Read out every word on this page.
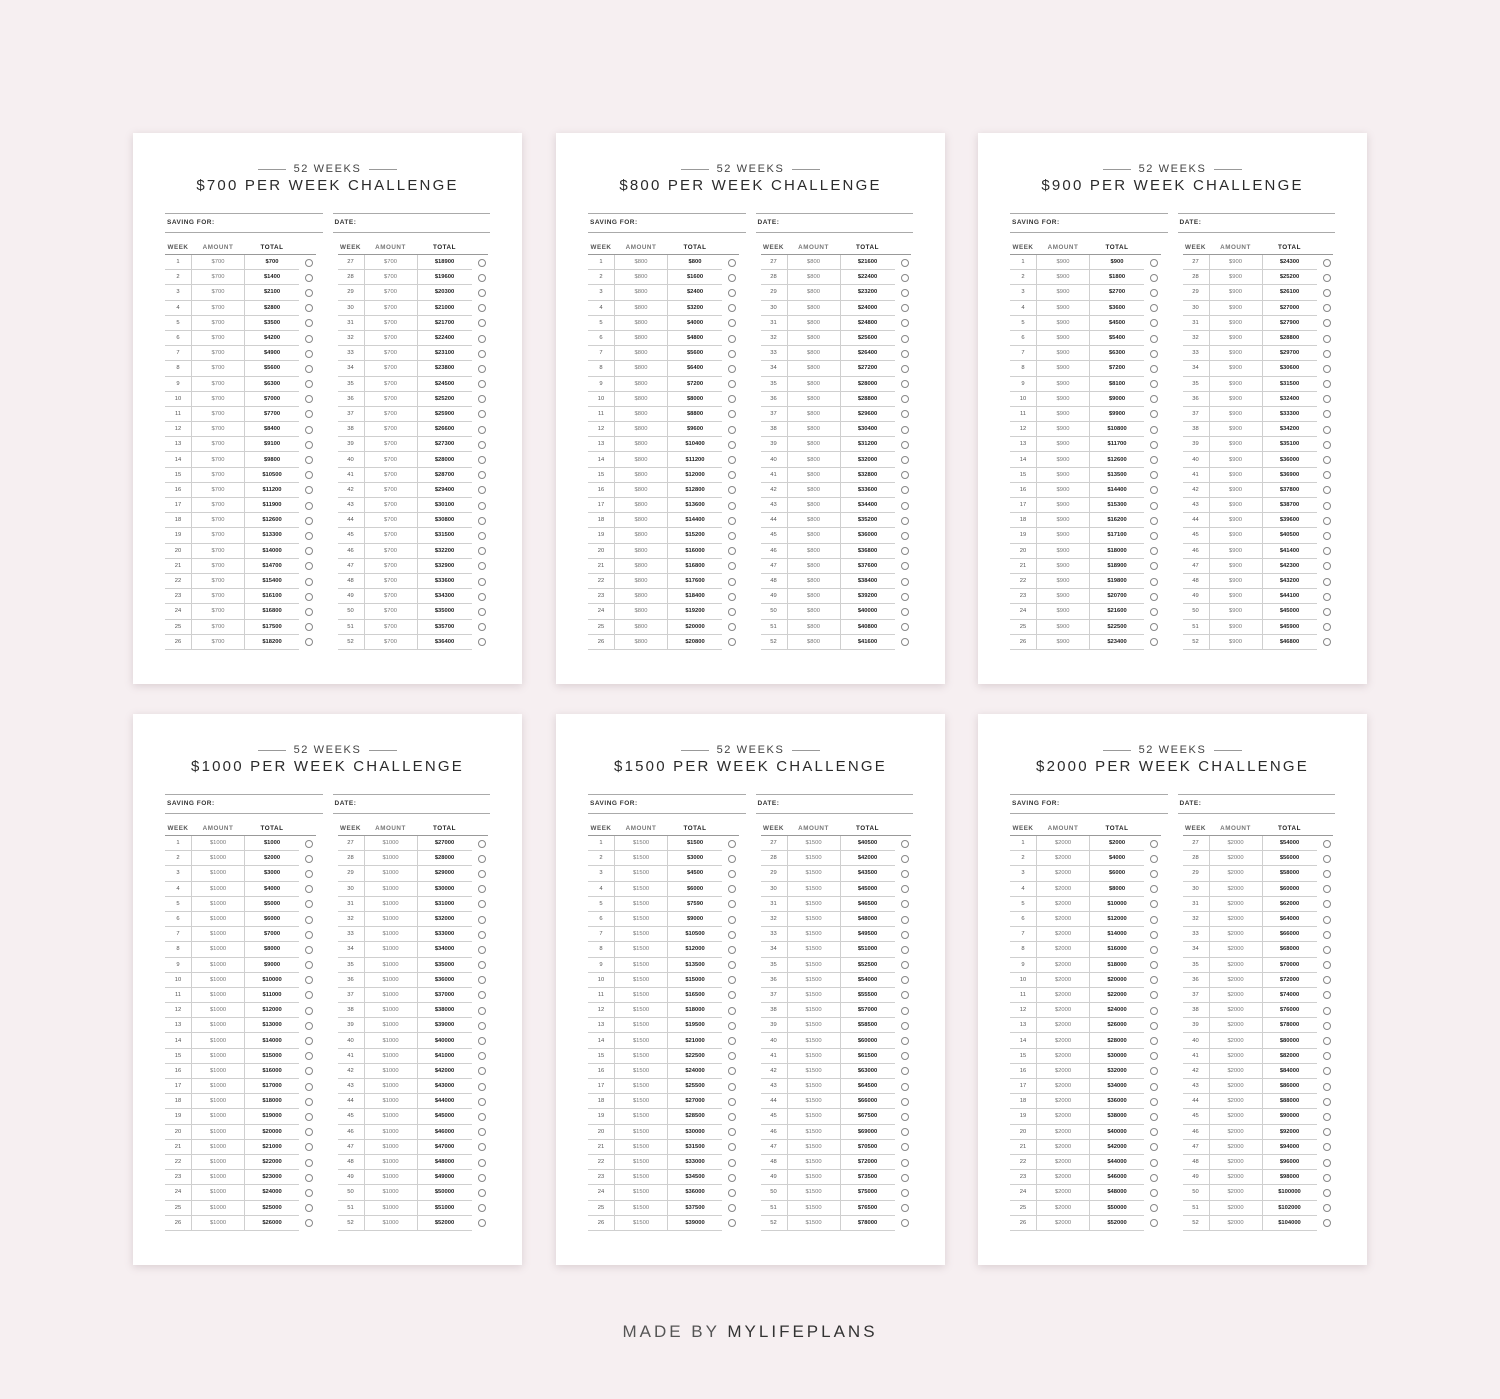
52 WEEKS
$700 PER WEEK CHALLENGE
SAVING FOR:	DATE:
WEEK	AMOUNT	TOTAL
1	$700	$700
2	$700	$1400
3	$700	$2100
4	$700	$2800
5	$700	$3500
6	$700	$4200
7	$700	$4900
8	$700	$5600
9	$700	$6300
10	$700	$7000
11	$700	$7700
12	$700	$8400
13	$700	$9100
14	$700	$9800
15	$700	$10500
16	$700	$11200
17	$700	$11900
18	$700	$12600
19	$700	$13300
20	$700	$14000
21	$700	$14700
22	$700	$15400
23	$700	$16100
24	$700	$16800
25	$700	$17500
26	$700	$18200
WEEK	AMOUNT	TOTAL
27	$700	$18900
28	$700	$19600
29	$700	$20300
30	$700	$21000
31	$700	$21700
32	$700	$22400
33	$700	$23100
34	$700	$23800
35	$700	$24500
36	$700	$25200
37	$700	$25900
38	$700	$26600
39	$700	$27300
40	$700	$28000
41	$700	$28700
42	$700	$29400
43	$700	$30100
44	$700	$30800
45	$700	$31500
46	$700	$32200
47	$700	$32900
48	$700	$33600
49	$700	$34300
50	$700	$35000
51	$700	$35700
52	$700	$36400
52 WEEKS
$800 PER WEEK CHALLENGE
SAVING FOR:	DATE:
WEEK	AMOUNT	TOTAL
1	$800	$800
2	$800	$1600
3	$800	$2400
4	$800	$3200
5	$800	$4000
6	$800	$4800
7	$800	$5600
8	$800	$6400
9	$800	$7200
10	$800	$8000
11	$800	$8800
12	$800	$9600
13	$800	$10400
14	$800	$11200
15	$800	$12000
16	$800	$12800
17	$800	$13600
18	$800	$14400
19	$800	$15200
20	$800	$16000
21	$800	$16800
22	$800	$17600
23	$800	$18400
24	$800	$19200
25	$800	$20000
26	$800	$20800
WEEK	AMOUNT	TOTAL
27	$800	$21600
28	$800	$22400
29	$800	$23200
30	$800	$24000
31	$800	$24800
32	$800	$25600
33	$800	$26400
34	$800	$27200
35	$800	$28000
36	$800	$28800
37	$800	$29600
38	$800	$30400
39	$800	$31200
40	$800	$32000
41	$800	$32800
42	$800	$33600
43	$800	$34400
44	$800	$35200
45	$800	$36000
46	$800	$36800
47	$800	$37600
48	$800	$38400
49	$800	$39200
50	$800	$40000
51	$800	$40800
52	$800	$41600
52 WEEKS
$900 PER WEEK CHALLENGE
SAVING FOR:	DATE:
WEEK	AMOUNT	TOTAL
1	$900	$900
2	$900	$1800
3	$900	$2700
4	$900	$3600
5	$900	$4500
6	$900	$5400
7	$900	$6300
8	$900	$7200
9	$900	$8100
10	$900	$9000
11	$900	$9900
12	$900	$10800
13	$900	$11700
14	$900	$12600
15	$900	$13500
16	$900	$14400
17	$900	$15300
18	$900	$16200
19	$900	$17100
20	$900	$18000
21	$900	$18900
22	$900	$19800
23	$900	$20700
24	$900	$21600
25	$900	$22500
26	$900	$23400
WEEK	AMOUNT	TOTAL
27	$900	$24300
28	$900	$25200
29	$900	$26100
30	$900	$27000
31	$900	$27900
32	$900	$28800
33	$900	$29700
34	$900	$30600
35	$900	$31500
36	$900	$32400
37	$900	$33300
38	$900	$34200
39	$900	$35100
40	$900	$36000
41	$900	$36900
42	$900	$37800
43	$900	$38700
44	$900	$39600
45	$900	$40500
46	$900	$41400
47	$900	$42300
48	$900	$43200
49	$900	$44100
50	$900	$45000
51	$900	$45900
52	$900	$46800
52 WEEKS
$1000 PER WEEK CHALLENGE
SAVING FOR:	DATE:
WEEK	AMOUNT	TOTAL
1	$1000	$1000
2	$1000	$2000
3	$1000	$3000
4	$1000	$4000
5	$1000	$5000
6	$1000	$6000
7	$1000	$7000
8	$1000	$8000
9	$1000	$9000
10	$1000	$10000
11	$1000	$11000
12	$1000	$12000
13	$1000	$13000
14	$1000	$14000
15	$1000	$15000
16	$1000	$16000
17	$1000	$17000
18	$1000	$18000
19	$1000	$19000
20	$1000	$20000
21	$1000	$21000
22	$1000	$22000
23	$1000	$23000
24	$1000	$24000
25	$1000	$25000
26	$1000	$26000
WEEK	AMOUNT	TOTAL
27	$1000	$27000
28	$1000	$28000
29	$1000	$29000
30	$1000	$30000
31	$1000	$31000
32	$1000	$32000
33	$1000	$33000
34	$1000	$34000
35	$1000	$35000
36	$1000	$36000
37	$1000	$37000
38	$1000	$38000
39	$1000	$39000
40	$1000	$40000
41	$1000	$41000
42	$1000	$42000
43	$1000	$43000
44	$1000	$44000
45	$1000	$45000
46	$1000	$46000
47	$1000	$47000
48	$1000	$48000
49	$1000	$49000
50	$1000	$50000
51	$1000	$51000
52	$1000	$52000
52 WEEKS
$1500 PER WEEK CHALLENGE
SAVING FOR:	DATE:
WEEK	AMOUNT	TOTAL
1	$1500	$1500
2	$1500	$3000
3	$1500	$4500
4	$1500	$6000
5	$1500	$7590
6	$1500	$9000
7	$1500	$10500
8	$1500	$12000
9	$1500	$13500
10	$1500	$15000
11	$1500	$16500
12	$1500	$18000
13	$1500	$19500
14	$1500	$21000
15	$1500	$22500
16	$1500	$24000
17	$1500	$25500
18	$1500	$27000
19	$1500	$28500
20	$1500	$30000
21	$1500	$31500
22	$1500	$33000
23	$1500	$34500
24	$1500	$36000
25	$1500	$37500
26	$1500	$39000
WEEK	AMOUNT	TOTAL
27	$1500	$40500
28	$1500	$42000
29	$1500	$43500
30	$1500	$45000
31	$1500	$46500
32	$1500	$48000
33	$1500	$49500
34	$1500	$51000
35	$1500	$52500
36	$1500	$54000
37	$1500	$55500
38	$1500	$57000
39	$1500	$58500
40	$1500	$60000
41	$1500	$61500
42	$1500	$63000
43	$1500	$64500
44	$1500	$66000
45	$1500	$67500
46	$1500	$69000
47	$1500	$70500
48	$1500	$72000
49	$1500	$73500
50	$1500	$75000
51	$1500	$76500
52	$1500	$78000
52 WEEKS
$2000 PER WEEK CHALLENGE
SAVING FOR:	DATE:
WEEK	AMOUNT	TOTAL
1	$2000	$2000
2	$2000	$4000
3	$2000	$6000
4	$2000	$8000
5	$2000	$10000
6	$2000	$12000
7	$2000	$14000
8	$2000	$16000
9	$2000	$18000
10	$2000	$20000
11	$2000	$22000
12	$2000	$24000
13	$2000	$26000
14	$2000	$28000
15	$2000	$30000
16	$2000	$32000
17	$2000	$34000
18	$2000	$36000
19	$2000	$38000
20	$2000	$40000
21	$2000	$42000
22	$2000	$44000
23	$2000	$46000
24	$2000	$48000
25	$2000	$50000
26	$2000	$52000
WEEK	AMOUNT	TOTAL
27	$2000	$54000
28	$2000	$56000
29	$2000	$58000
30	$2000	$60000
31	$2000	$62000
32	$2000	$64000
33	$2000	$66000
34	$2000	$68000
35	$2000	$70000
36	$2000	$72000
37	$2000	$74000
38	$2000	$76000
39	$2000	$78000
40	$2000	$80000
41	$2000	$82000
42	$2000	$84000
43	$2000	$86000
44	$2000	$88000
45	$2000	$90000
46	$2000	$92000
47	$2000	$94000
48	$2000	$96000
49	$2000	$98000
50	$2000	$100000
51	$2000	$102000
52	$2000	$104000
MADE BY MYLIFEPLANS
